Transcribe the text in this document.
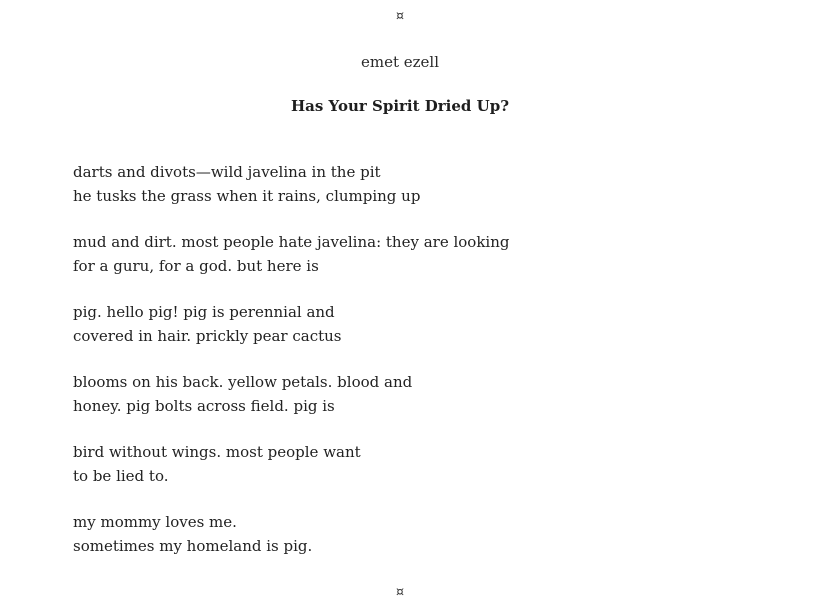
¤
emet ezell
Has Your Spirit Dried Up?
darts and divots—wild javelina in the pit
he tusks the grass when it rains, clumping up
mud and dirt. most people hate javelina: they are looking
for a guru, for a god. but here is
pig. hello pig! pig is perennial and
covered in hair. prickly pear cactus
blooms on his back. yellow petals. blood and
honey. pig bolts across field. pig is
bird without wings. most people want
to be lied to.
my mommy loves me.
sometimes my homeland is pig.
¤
